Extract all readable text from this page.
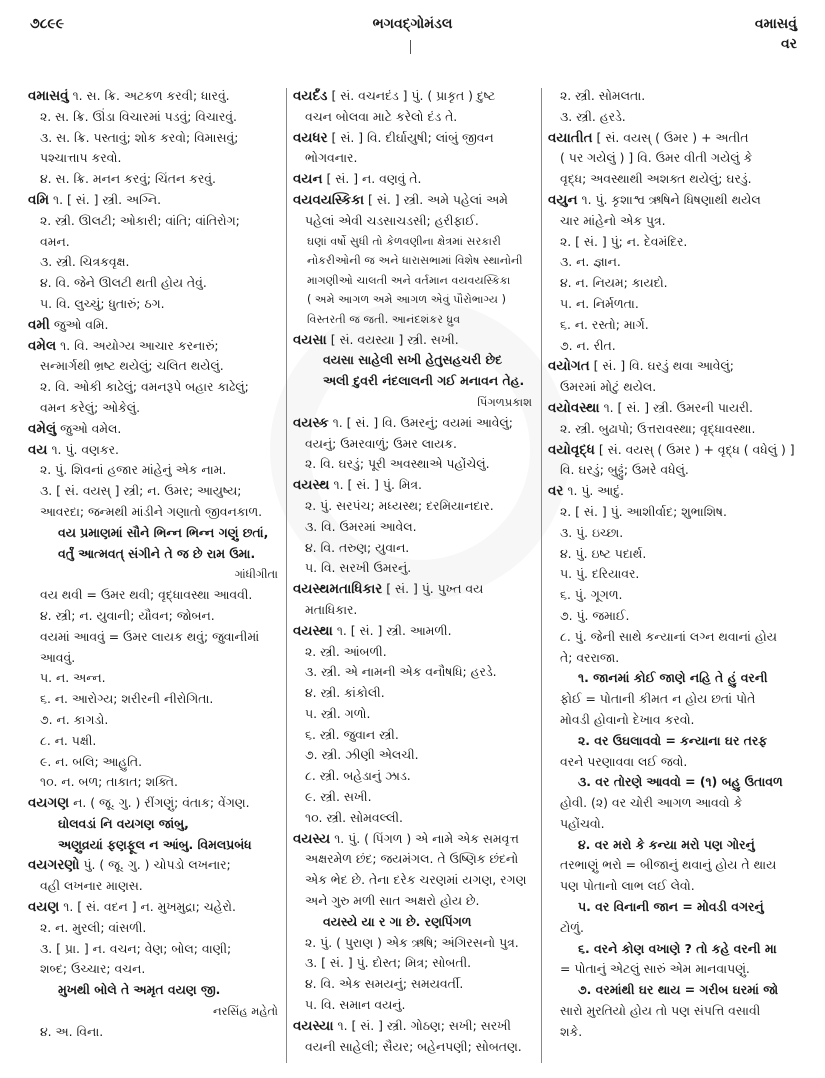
૭૮૯૯	ભગવદ્ગોમંડલ	વમાસવું
વર
વમાસવું ૧. સ. ક્રિ. અટકળ કરવી; ધારવું.
૨. સ. ક્રિ. ઊંડા વિચારમાં પડવું; વિચારવું.
૩. સ. ક્રિ. પસ્તાવું; શોક કરવો; વિમાસવું;
પશ્ચાત્તાપ કરવો.
૪. સ. ક્રિ. મનન કરવું; ચિંતન કરવું.
વમિ ૧. [ સં. ] સ્ત્રી. અગ્નિ.
૨. સ્ત્રી. ઊલટી; ઓકારી; વાંતિ; વાંતિરોગ;
વમન.
૩. સ્ત્રી. ચિત્રકવૃક્ષ.
૪. વિ. જેને ઊલટી થતી હોય તેવું.
૫. વિ. લુચ્ચું; ધુતારું; ઠગ.
વમી જુઓ વમિ.
વમેલ ૧. વિ. અયોગ્ય આચાર કરનારું;
સન્માર્ગથી ભ્રષ્ટ થયેલું; ચલિત થયેલું.
૨. વિ. ઓકી કાઢેલું; વમનરૂપે બહાર કાઢેલું;
વમન કરેલું; ઓકેલું.
વમેલું જુઓ વમેલ.
વય ૧. પું. વણકર.
૨. પું. શિવનાં હજાર માંહેનું એક નામ.
૩. [ સં. વયસ્ ] સ્ત્રી; ન. ઉમર; આયુષ્ય;
આવરદા; જન્મથી માંડીને ગણાતો જીવનકાળ.
વય પ્રમાણમાં સૌને ભિન્ન ભિન્ન ગણું છતાં,
વર્તું આત્મવત્ સંગીને તે જ છે રામ ઉમા.
ગાંધીગીતા
વય થવી = ઉમર થવી; વૃદ્ધાવસ્થા આવવી.
૪. સ્ત્રી; ન. યુવાની; યૌવન; જોબન.
વયમાં આવવું = ઉમર લાયક થવું; જુવાનીમાં
આવવું.
૫. ન. અન્ન.
૬. ન. આરોગ્ય; શરીરની નીરોગિતા.
૭. ન. કાગડો.
૮. ન. પક્ષી.
૯. ન. બલિ; આહુતિ.
૧૦. ન. બળ; તાકાત; શક્તિ.
વયગણ ન. ( જૂ. ગુ. ) રીંગણું; વંતાક; વેંગણ.
ઘોલવડાં નિ વયગણ જાંબુ,
અણુવ્રયાં ફણફૂલ ન આંબુ. વિમલપ્રબંધ
વયગરણો પું. ( જૂ. ગુ. ) ચોપડો લખનાર;
વહી લખનાર માણસ.
વયણ ૧. [ સં. વદન ] ન. મુખમુદ્રા; ચહેરો.
૨. ન. મુરલી; વાંસળી.
૩. [ પ્રા. ] ન. વચન; વેણ; બોલ; વાણી;
શબ્દ; ઉચ્ચાર; વચન.
મુખથી બોલે તે અમૃત વયણ જી.
નરસિંહ મહેતો
૪. અ. વિના.
વયર્દંડ [ સં. વચનદંડ ] પું. ( પ્રાકૃત ) દુષ્ટ
વચન બોલવા માટે કરેલો દંડ તે.
વયધર [ સં. ] વિ. દીર્ઘાયુષી; લાંબું જીવન
ભોગવનાર.
વયન [ સં. ] ન. વણવું તે.
વયવયસ્કિકા [ સં. ] સ્ત્રી. અમે પહેલાં અમે
પહેલાં એવી ચડસાચડસી; હરીફાઈ.
ઘણાં વર્ષો સુધી તો કેળવણીના ક્ષેત્રમાં સરકારી
નોકરીઓની જ અને ધારાસભામાં વિશેષ સ્થાનોની
માગણીઓ ચાલતી અને વર્તમાન વયવયસ્કિકા
( અમે આગળ અમે આગળ એવું પૌરોભાગ્ય )
વિસ્તરતી જ જતી. આનંદશંકર ધ્રુવ
વયસા [ સં. વયસ્યા ] સ્ત્રી. સખી.
વયસા સાહેલી સખી હેતુસહચરી છેદ
અલી દુવરી નંદલાલની ગઈ મનાવન તેહ.
પિંગળપ્રકાશ
વયસ્ક ૧. [ સં. ] વિ. ઉમરનું; વયમાં આવેલું;
વયનું; ઉમરવાળું; ઉમર લાયક.
૨. વિ. ઘરડું; પૂરી અવસ્થાએ પહોંચેલું.
વયસ્થ ૧. [ સં. ] પું. મિત્ર.
૨. પું. સરપંચ; મધ્યસ્થ; દરમિયાનદાર.
૩. વિ. ઉમરમાં આવેલ.
૪. વિ. તરુણ; યુવાન.
૫. વિ. સરખી ઉમરનું.
વયસ્થમતાધિકાર [ સં. ] પું. પુખ્ત વય
મતાધિકાર.
વયસ્થા ૧. [ સં. ] સ્ત્રી. આમળી.
૨. સ્ત્રી. આંબળી.
૩. સ્ત્રી. એ નામની એક વનૌષધિ; હરડે.
૪. સ્ત્રી. કાંકોલી.
૫. સ્ત્રી. ગળો.
૬. સ્ત્રી. જુવાન સ્ત્રી.
૭. સ્ત્રી. ઝીણી એલચી.
૮. સ્ત્રી. બહેડાનું ઝાડ.
૯. સ્ત્રી. સખી.
૧૦. સ્ત્રી. સોમવલ્લી.
વયસ્ય ૧. પું. ( પિંગળ ) એ નામે એક સમવૃત્ત
અક્ષરમેળ છંદ; જયમંગલ. તે ઉષ્ણિક છંદનો
એક ભેદ છે. તેના દરેક ચરણમાં યગણ, રગણ
અને ગુરુ મળી સાત અક્ષરો હોય છે.
વયસ્યે યા ર ગા છે. રણપિંગળ
૨. પું. ( પુરાણ ) એક ઋષિ; અંગિરસનો પુત્ર.
૩. [ સં. ] પું. દોસ્ત; મિત્ર; સોબતી.
૪. વિ. એક સમયનું; સમયવર્તી.
૫. વિ. સમાન વયનું.
વયસ્યા ૧. [ સં. ] સ્ત્રી. ગોઠણ; સખી; સરખી
વયની સાહેલી; સૈયર; બહેનપણી; સોબતણ.
૨. સ્ત્રી. સોમલતા.
૩. સ્ત્રી. હરડે.
વયાતીત [ સં. વયસ્ ( ઉમર ) + અતીત
( પર ગયેલું ) ] વિ. ઉમર વીતી ગયેલું કે
વૃદ્ધ; અવસ્થાથી અશક્ત થયેલું; ઘરડું.
વયુન ૧. પું. કૃશાશ્વ ઋષિને ધિષણાથી થયેલ
ચાર માંહેનો એક પુત્ર.
૨. [ સં. ] પું; ન. દેવમંદિર.
૩. ન. જ્ઞાન.
૪. ન. નિયમ; કાયદો.
૫. ન. નિર્મળતા.
૬. ન. રસ્તો; માર્ગ.
૭. ન. રીત.
વયોગત [ સં. ] વિ. ઘરડું થવા આવેલું;
ઉમરમાં મોટું થયેલ.
વયોવસ્થા ૧. [ સં. ] સ્ત્રી. ઉમરની પાયરી.
૨. સ્ત્રી. બુઢાપો; ઉત્તરાવસ્થા; વૃદ્ધાવસ્થા.
વયોવૃદ્ધ [ સં. વયસ્ ( ઉમર ) + વૃદ્ધ ( વધેલું ) ]
વિ. ઘરડું; બુઢ્ઢું; ઉમરે વધેલું.
વર ૧. પું. આદું.
૨. [ સં. ] પું. આશીર્વાદ; શુભાશિષ.
૩. પું. ઇચ્છા.
૪. પું. ઇષ્ટ પદાર્થ.
૫. પું. દરિયાવર.
૬. પું. ગૂગળ.
૭. પું. જમાઈ.
૮. પું. જેની સાથે કન્યાનાં લગ્ન થવાનાં હોય
તે; વરરાજા.
૧. જાનમાં કોઈ જાણે નહિ તે હું વરની
ફોઈ = પોતાની કીમત ન હોય છતાં પોતે
મોવડી હોવાનો દેખાવ કરવો.
૨. વર ઉઘલાવવો = કન્યાના ઘર તરફ
વરને પરણાવવા લઈ જવો.
૩. વર તોરણે આવવો = (૧) બહુ ઉતાવળ
હોવી. (૨) વર ચોરી આગળ આવવો કે
પહોંચવો.
૪. વર મરો કે કન્યા મરો પણ ગોરનું
તરભાણું ભરો = બીજાનું થવાનું હોય તે થાય
પણ પોતાનો લાભ લઈ લેવો.
૫. વર વિનાની જાન = મોવડી વગરનું
ટોળું.
૬. વરને કોણ વખાણે ? તો કહે વરની મા
= પોતાનું એટલું સારું એમ માનવાપણું.
૭. વરમાંથી ઘર થાય = ગરીબ ઘરમાં જો
સારો મુરતિયો હોય તો પણ સંપત્તિ વસાવી
શકે.
